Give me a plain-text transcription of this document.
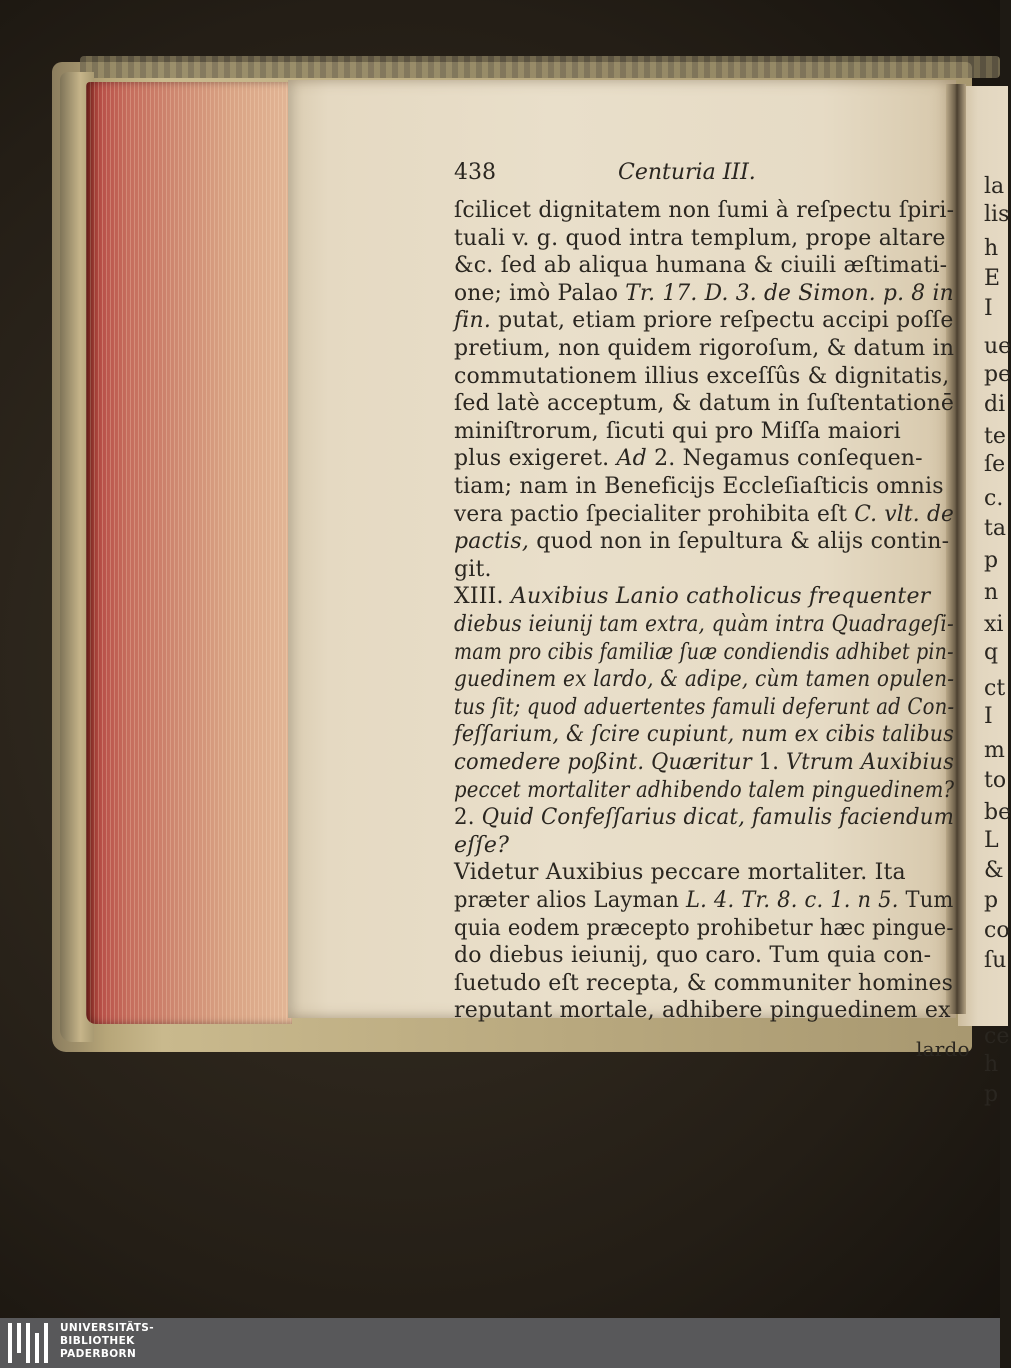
la
lis
h
E
I
ue
pe
di
te
ſe
c.
ta
p
n
xi
q
ct
I
m
to
be
L
&
p
co
ſu
ce
h
p
438	Centuria III.
ſcilicet dignitatem non ſumi à reſpectu ſpiri-
tuali v. g. quod intra templum, prope altare
&c. ſed ab aliqua humana & ciuili æſtimati-
one; imò Palao Tr. 17. D. 3. de Simon. p. 8 in
fin. putat, etiam priore reſpectu accipi poſſe
pretium, non quidem rigoroſum, & datum in
commutationem illius exceſſûs & dignitatis,
ſed latè acceptum, & datum in ſuſtentationē
miniſtrorum, ſicuti qui pro Miſſa maiori
plus exigeret. Ad 2. Negamus conſequen-
tiam; nam in Beneficijs Eccleſiaſticis omnis
vera pactio ſpecialiter prohibita eſt C. vlt. de
pactis, quod non in ſepultura & alijs contin-
git.
XIII. Auxibius Lanio catholicus frequenter
diebus ieiunij tam extra, quàm intra Quadrageſi-
mam pro cibis familiæ ſuæ condiendis adhibet pin-
guedinem ex lardo, & adipe, cùm tamen opulen-
tus ſit; quod aduertentes famuli deferunt ad Con-
feſſarium, & ſcire cupiunt, num ex cibis talibus
comedere poßint. Quæritur 1. Vtrum Auxibius
peccet mortaliter adhibendo talem pinguedinem?
2. Quid Confeſſarius dicat, famulis faciendum
eſſe?
Videtur Auxibius peccare mortaliter. Ita
præter alios Layman L. 4. Tr. 8. c. 1. n 5. Tum
quia eodem præcepto prohibetur hæc pingue-
do diebus ieiunij, quo caro. Tum quia con-
ſuetudo eſt recepta, & communiter homines
reputant mortale, adhibere pinguedinem ex
lardo
UNIVERSITÄTS-
BIBLIOTHEK
PADERBORN
